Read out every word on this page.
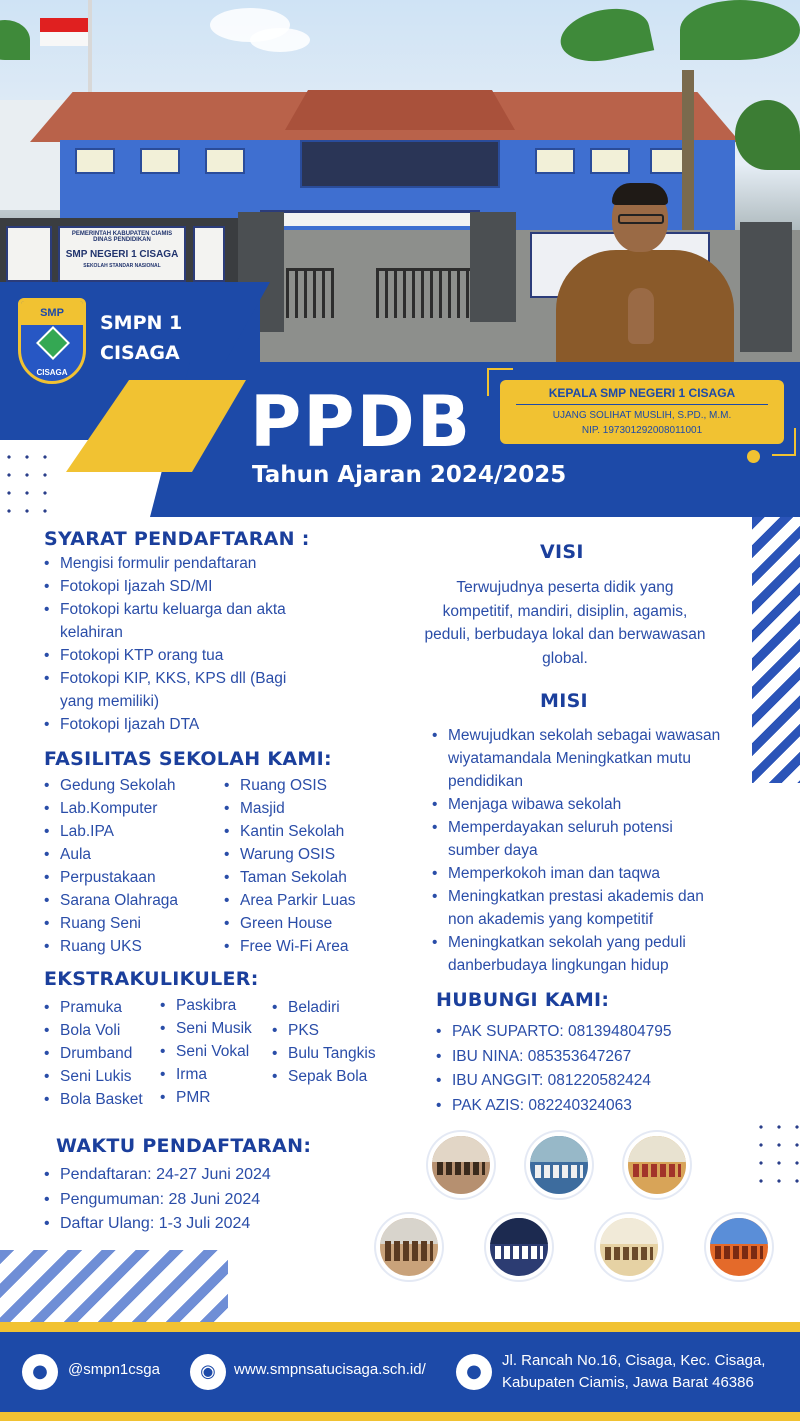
PEMERINTAH KABUPATEN CIAMIS
DINAS PENDIDIKAN
SMP NEGERI 1 CISAGA
SEKOLAH STANDAR NASIONAL
SMP
CISAGA
SMPN 1
CISAGA
PPDB
Tahun Ajaran 2024/2025
KEPALA SMP NEGERI 1 CISAGA
UJANG SOLIHAT MUSLIH, S.PD., M.M.
NIP. 197301292008011001
SYARAT PENDAFTARAN :
• Mengisi formulir pendaftaran
• Fotokopi Ijazah SD/MI
• Fotokopi kartu keluarga dan akta kelahiran
• Fotokopi KTP orang tua
• Fotokopi KIP, KKS, KPS dll (Bagi yang memiliki)
• Fotokopi Ijazah DTA
FASILITAS SEKOLAH KAMI:
• Gedung Sekolah
• Lab.Komputer
• Lab.IPA
• Aula
• Perpustakaan
• Sarana Olahraga
• Ruang Seni
• Ruang UKS
• Ruang OSIS
• Masjid
• Kantin Sekolah
• Warung OSIS
• Taman Sekolah
• Area Parkir Luas
• Green House
• Free Wi-Fi Area
EKSTRAKULIKULER:
• Pramuka
• Bola Voli
• Drumband
• Seni Lukis
• Bola Basket
• Paskibra
• Seni Musik
• Seni Vokal
• Irma
• PMR
• Beladiri
• PKS
• Bulu Tangkis
• Sepak Bola
WAKTU PENDAFTARAN:
• Pendaftaran: 24-27 Juni 2024
• Pengumuman: 28 Juni 2024
• Daftar Ulang: 1-3 Juli 2024
VISI
Terwujudnya peserta didik yang kompetitif, mandiri, disiplin, agamis, peduli, berbudaya lokal dan berwawasan global.
MISI
• Mewujudkan sekolah sebagai wawasan wiyatamandala Meningkatkan mutu pendidikan
• Menjaga wibawa sekolah
• Memperdayakan seluruh potensi sumber daya
• Memperkokoh iman dan taqwa
• Meningkatkan prestasi akademis dan non akademis yang kompetitif
• Meningkatkan sekolah yang peduli danberbudaya lingkungan hidup
HUBUNGI KAMI:
• PAK SUPARTO: 081394804795
• IBU NINA: 085353647267
• IBU ANGGIT: 081220582424
• PAK AZIS: 082240324063
●	@smpn1csga	◉	www.smpnsatucisaga.sch.id/	●
Jl. Rancah No.16, Cisaga, Kec. Cisaga,
Kabupaten Ciamis, Jawa Barat 46386
